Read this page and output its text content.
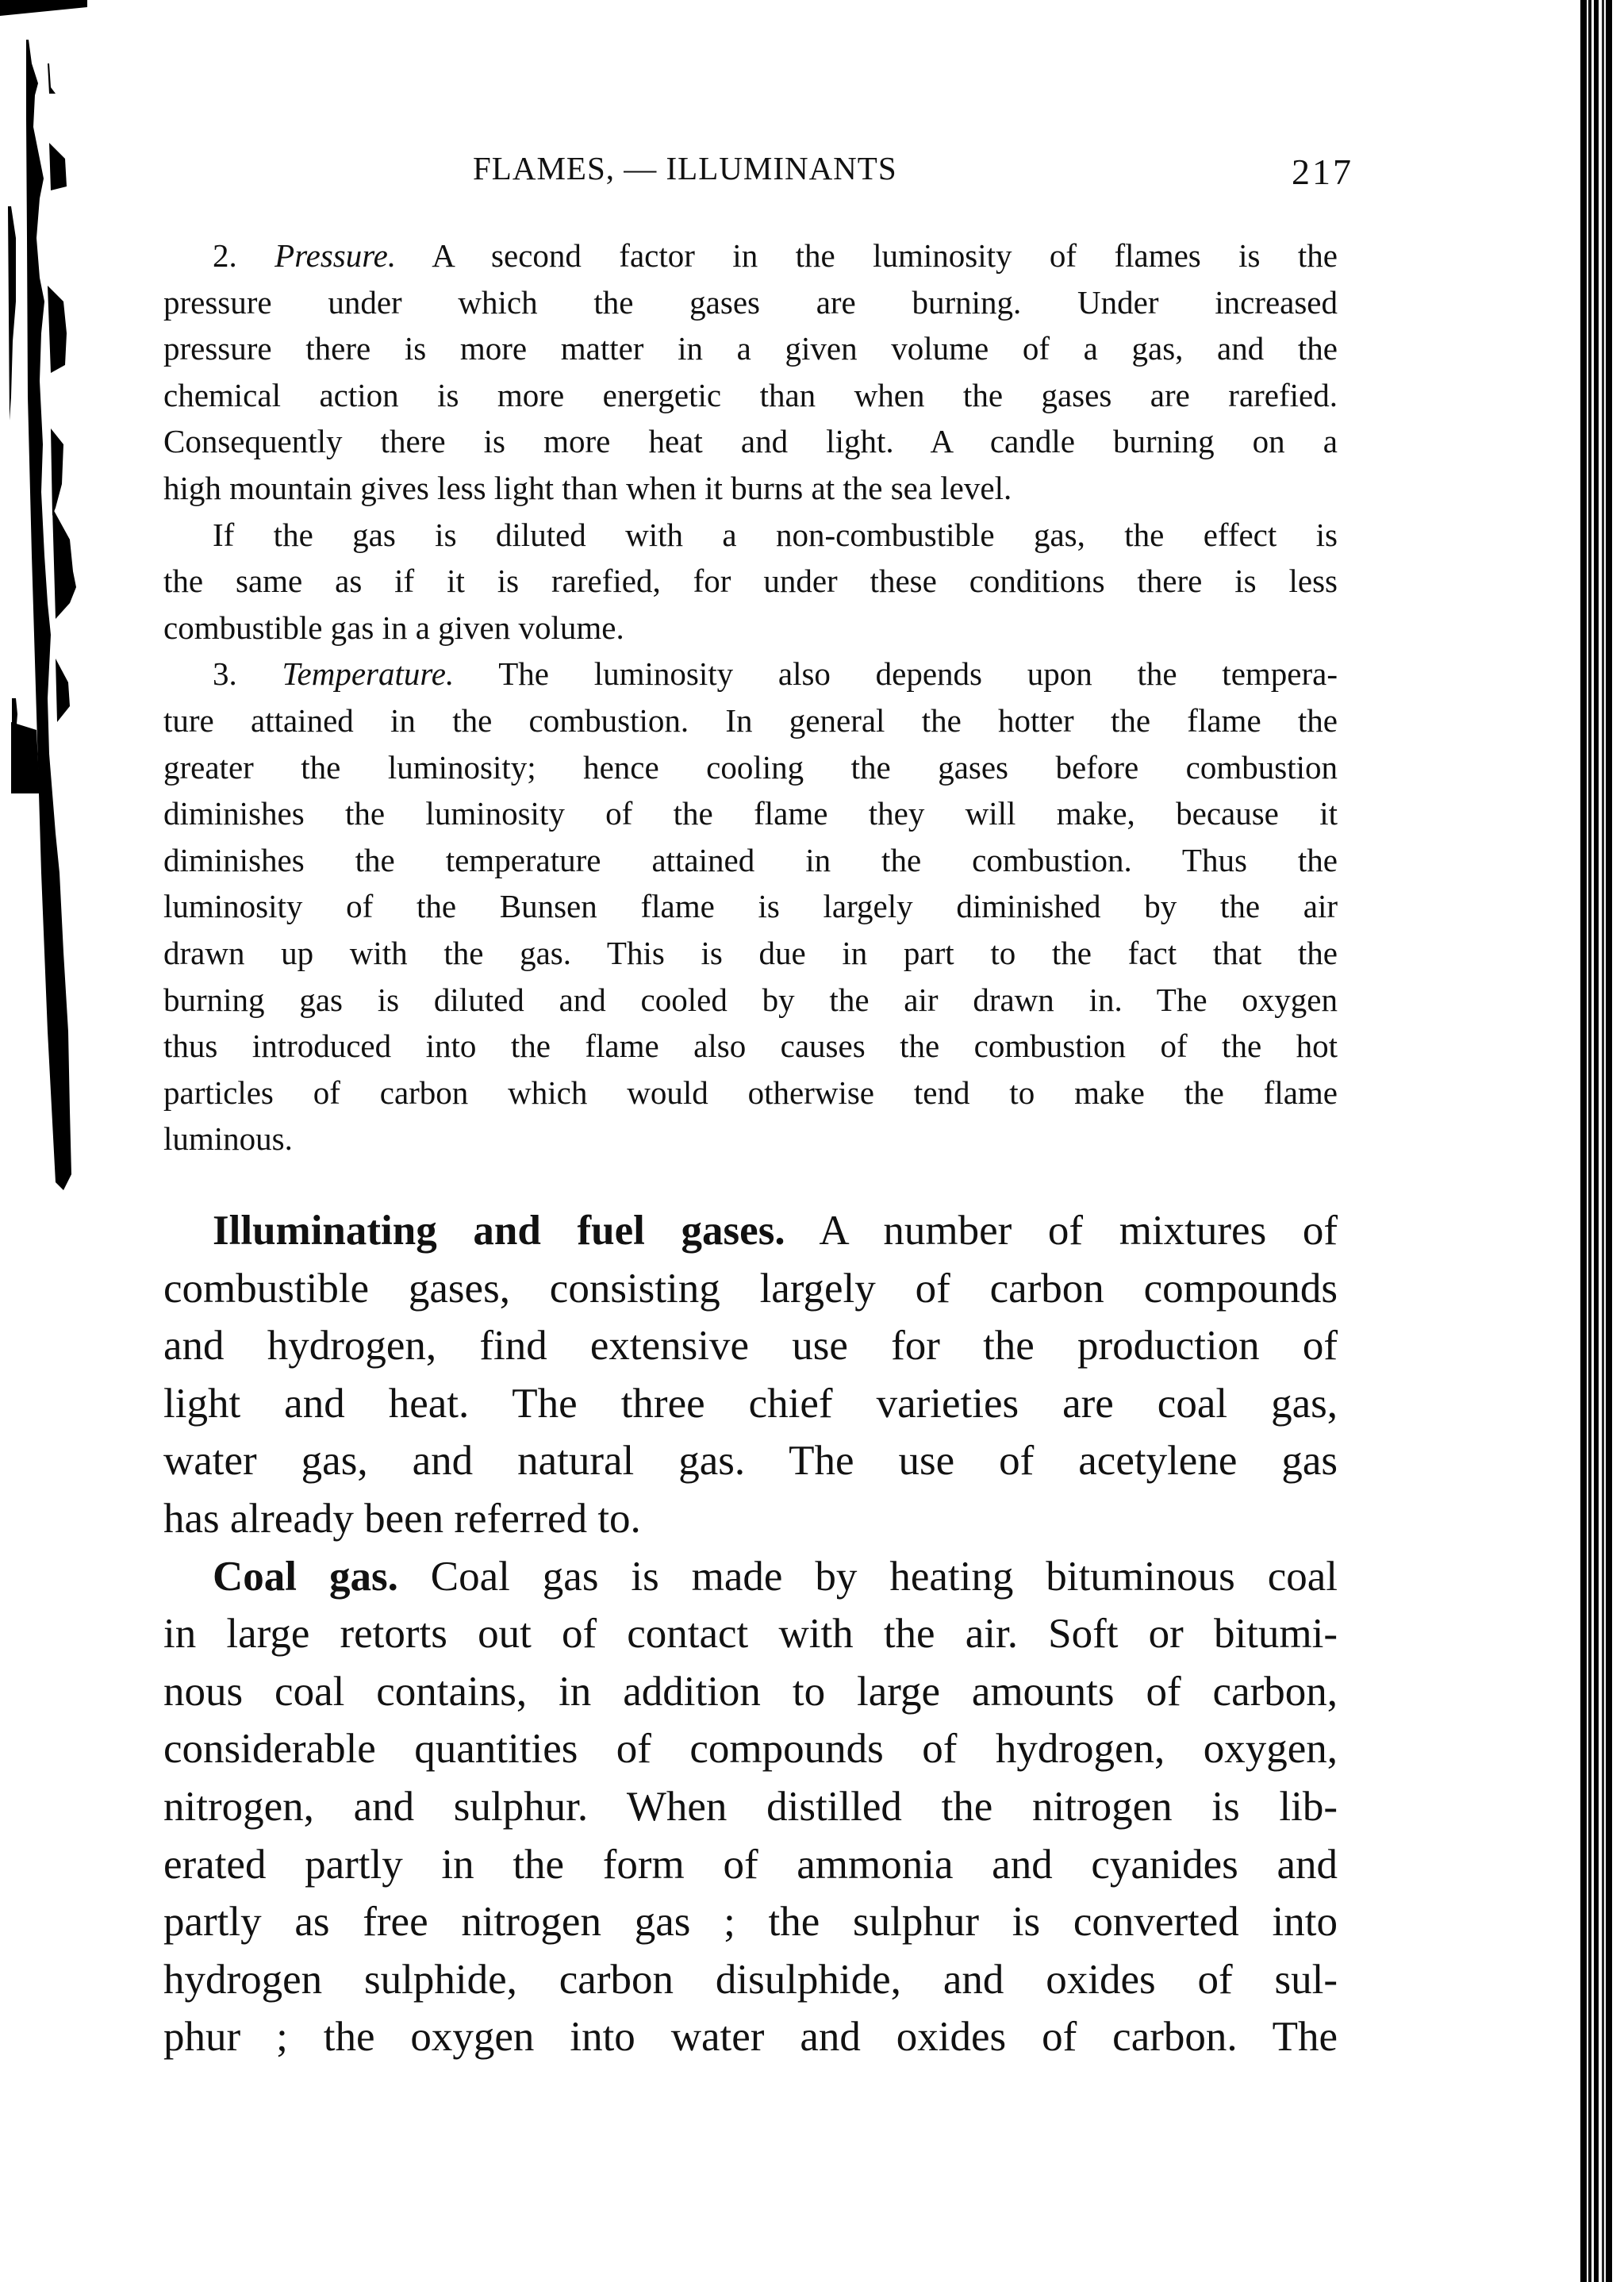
FLAMES, — ILLUMINANTS	217
2. Pressure. A second factor in the luminosity of flames is the
pressure under which the gases are burning. Under increased
pressure there is more matter in a given volume of a gas, and the
chemical action is more energetic than when the gases are rarefied.
Consequently there is more heat and light. A candle burning on a
high mountain gives less light than when it burns at the sea level.
If the gas is diluted with a non-combustible gas, the effect is
the same as if it is rarefied, for under these conditions there is less
combustible gas in a given volume.
3. Temperature. The luminosity also depends upon the tempera-
ture attained in the combustion. In general the hotter the flame the
greater the luminosity; hence cooling the gases before combustion
diminishes the luminosity of the flame they will make, because it
diminishes the temperature attained in the combustion. Thus the
luminosity of the Bunsen flame is largely diminished by the air
drawn up with the gas. This is due in part to the fact that the
burning gas is diluted and cooled by the air drawn in. The oxygen
thus introduced into the flame also causes the combustion of the hot
particles of carbon which would otherwise tend to make the flame
luminous.
Illuminating and fuel gases. A number of mixtures of
combustible gases, consisting largely of carbon compounds
and hydrogen, find extensive use for the production of
light and heat. The three chief varieties are coal gas,
water gas, and natural gas. The use of acetylene gas
has already been referred to.
Coal gas. Coal gas is made by heating bituminous coal
in large retorts out of contact with the air. Soft or bitumi-
nous coal contains, in addition to large amounts of carbon,
considerable quantities of compounds of hydrogen, oxygen,
nitrogen, and sulphur. When distilled the nitrogen is lib-
erated partly in the form of ammonia and cyanides and
partly as free nitrogen gas ; the sulphur is converted into
hydrogen sulphide, carbon disulphide, and oxides of sul-
phur ; the oxygen into water and oxides of carbon. The
